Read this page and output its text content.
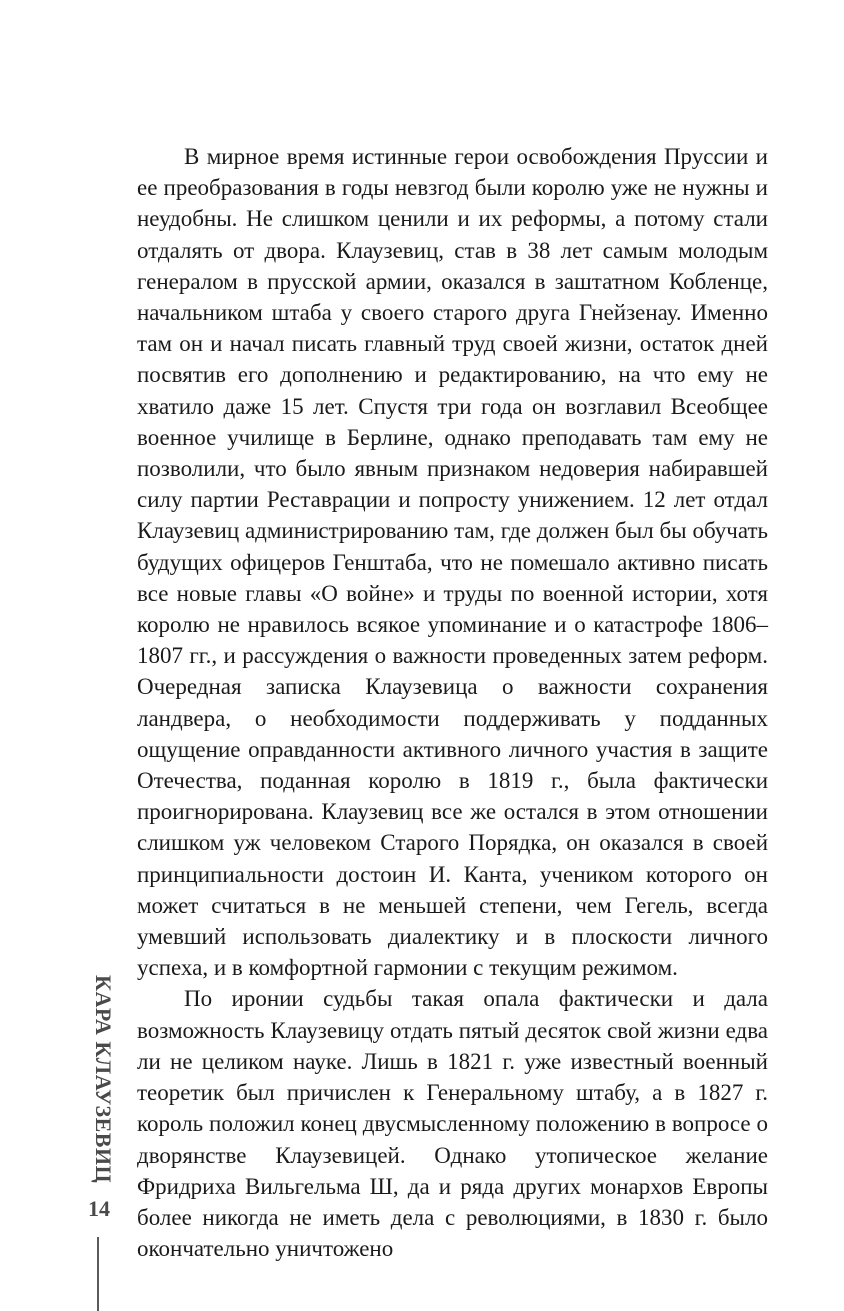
В мирное время истинные герои освобождения Пруссии и ее преобразования в годы невзгод были королю уже не нужны и неудобны. Не слишком ценили и их реформы, а потому стали отдалять от двора. Клаузевиц, став в 38 лет самым молодым генералом в прусской армии, оказался в заштатном Кобленце, начальником штаба у своего старого друга Гнейзенау. Именно там он и начал писать главный труд своей жизни, остаток дней посвятив его дополнению и редактированию, на что ему не хватило даже 15 лет. Спустя три года он возглавил Всеобщее военное училище в Берлине, однако преподавать там ему не позволили, что было явным признаком недоверия набиравшей силу партии Реставрации и попросту унижением. 12 лет отдал Клаузевиц администрированию там, где должен был бы обучать будущих офицеров Генштаба, что не помешало активно писать все новые главы «О войне» и труды по военной истории, хотя королю не нравилось всякое упоминание и о катастрофе 1806–1807 гг., и рассуждения о важности проведенных затем реформ. Очередная записка Клаузевица о важности сохранения ландвера, о необходимости поддерживать у подданных ощущение оправданности активного личного участия в защите Отечества, поданная королю в 1819 г., была фактически проигнорирована. Клаузевиц все же остался в этом отношении слишком уж человеком Старого Порядка, он оказался в своей принципиальности достоин И. Канта, учеником которого он может считаться в не меньшей степени, чем Гегель, всегда умевший использовать диалектику и в плоскости личного успеха, и в комфортной гармонии с текущим режимом.

По иронии судьбы такая опала фактически и дала возможность Клаузевицу отдать пятый десяток свой жизни едва ли не целиком науке. Лишь в 1821 г. уже известный военный теоретик был причислен к Генеральному штабу, а в 1827 г. король положил конец двусмысленному положению в вопросе о дворянстве Клаузевицей. Однако утопическое желание Фридриха Вильгельма Ш, да и ряда других монархов Европы более никогда не иметь дела с революциями, в 1830 г. было окончательно уничтожено

КАРА КЛАУЗЕВИЦ
14
